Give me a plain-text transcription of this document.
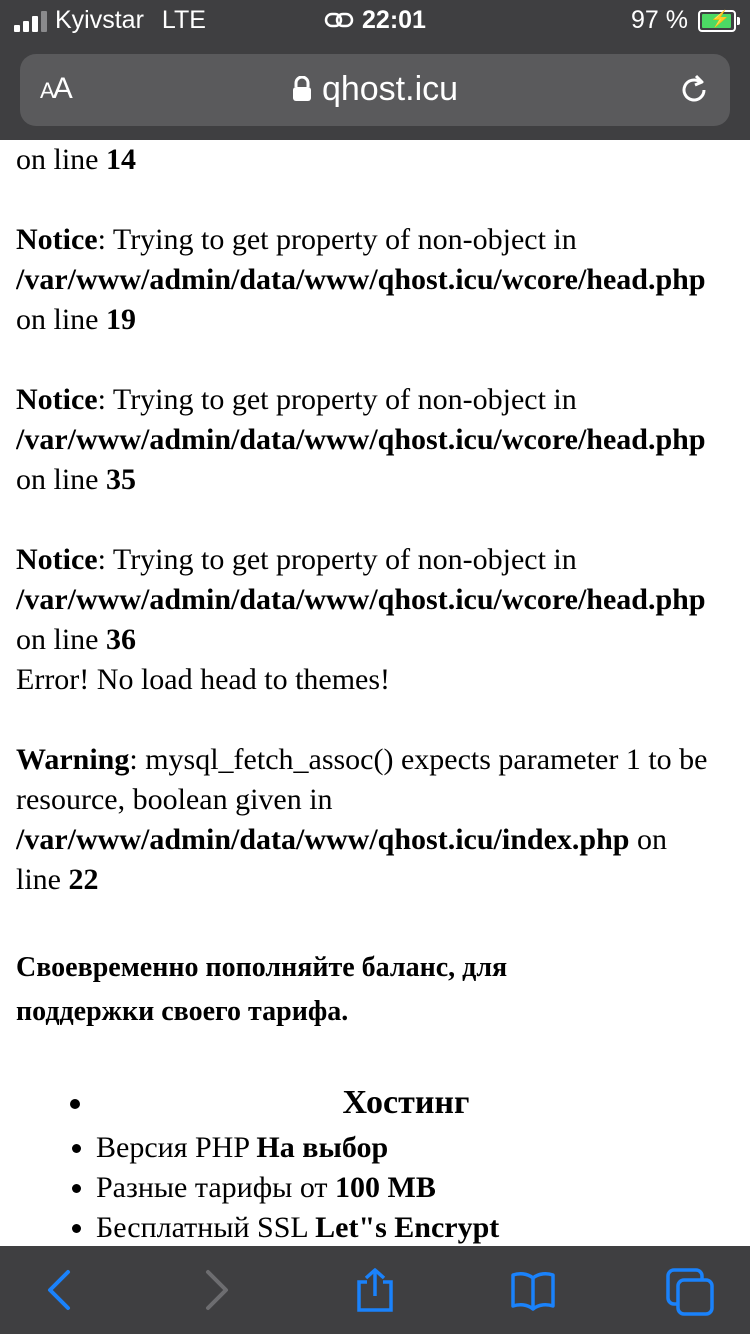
Kyivstar LTE	22:01	97 % ⚡
AA	qhost.icu

on line 14

Notice: Trying to get property of non-object in
/var/www/admin/data/www/qhost.icu/wcore/head.php
on line 19

Notice: Trying to get property of non-object in
/var/www/admin/data/www/qhost.icu/wcore/head.php
on line 35

Notice: Trying to get property of non-object in
/var/www/admin/data/www/qhost.icu/wcore/head.php
on line 36

Error! No load head to themes!

Warning: mysql_fetch_assoc() expects parameter 1 to be resource, boolean given in /var/www/admin/data/www/qhost.icu/index.php on
line 22

Своевременно пополняйте баланс, для
поддержки своего тарифа.

• Хостинг
• Версия PHP На выбор
• Разные тарифы от 100 MB
• Бесплатный SSL Let"s Encrypt
